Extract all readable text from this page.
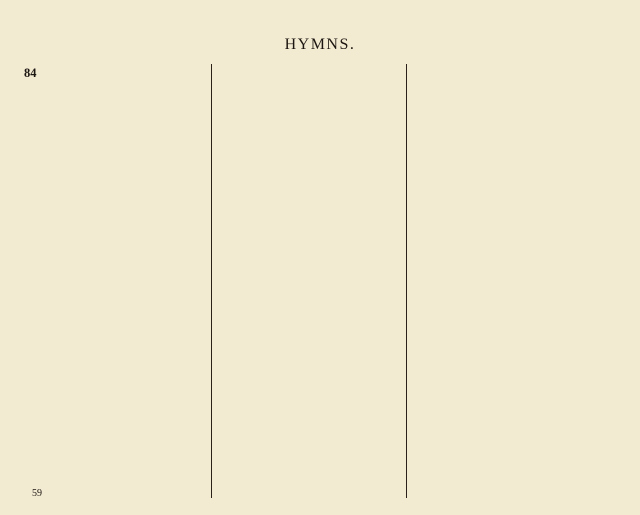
HYMNS.
84
59
